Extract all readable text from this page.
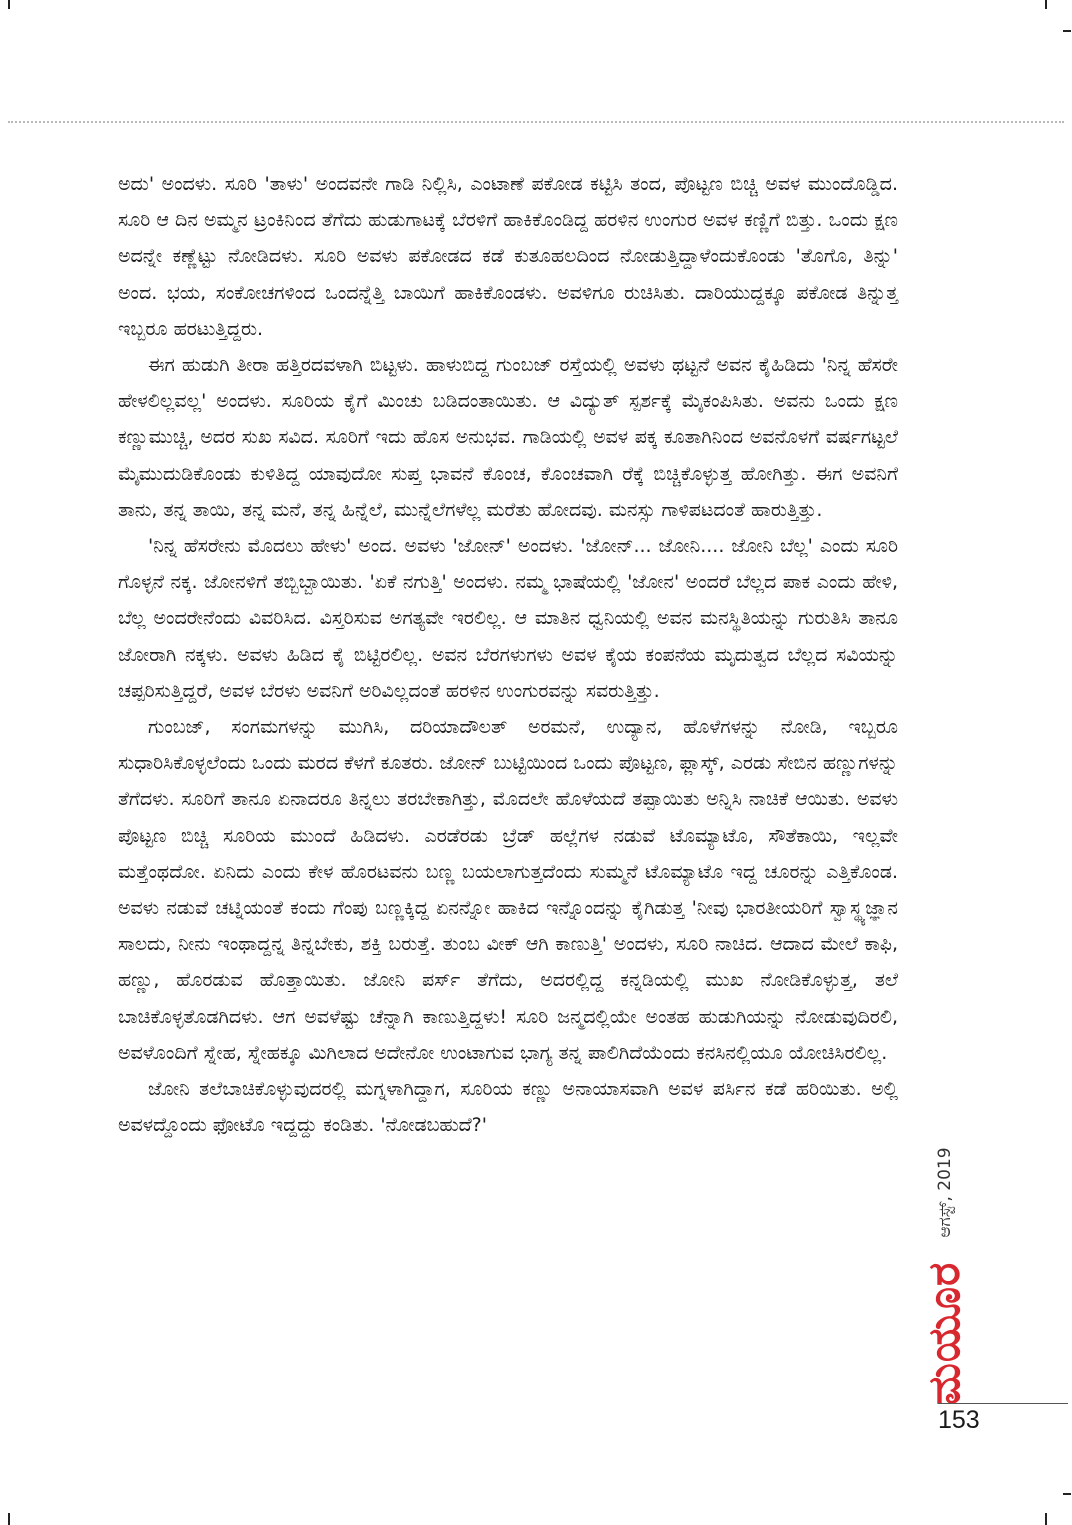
ಅದು' ಅಂದಳು. ಸೂರಿ 'ತಾಳು' ಅಂದವನೇ ಗಾಡಿ ನಿಲ್ಲಿಸಿ, ಎಂಟಾಣೆ ಪಕೋಡ ಕಟ್ಟಿಸಿ ತಂದ, ಪೊಟ್ಟಣ ಬಿಚ್ಚಿ ಅವಳ ಮುಂದೊಡ್ಡಿದ. ಸೂರಿ ಆ ದಿನ ಅಮ್ಮನ ಟ್ರಂಕಿನಿಂದ ತೆಗೆದು ಹುಡುಗಾಟಕ್ಕೆ ಬೆರಳಿಗೆ ಹಾಕಿಕೊಂಡಿದ್ದ ಹರಳಿನ ಉಂಗುರ ಅವಳ ಕಣ್ಣಿಗೆ ಬಿತ್ತು. ಒಂದು ಕ್ಷಣ ಅದನ್ನೇ ಕಣ್ಣೆಟ್ಟು ನೋಡಿದಳು. ಸೂರಿ ಅವಳು ಪಕೋಡದ ಕಡೆ ಕುತೂಹಲದಿಂದ ನೋಡುತ್ತಿದ್ದಾಳೆಂದುಕೊಂಡು 'ತೊಗೊ, ತಿನ್ನು' ಅಂದ. ಭಯ, ಸಂಕೋಚಗಳಿಂದ ಒಂದನ್ನೆತ್ತಿ ಬಾಯಿಗೆ ಹಾಕಿಕೊಂಡಳು. ಅವಳಿಗೂ ರುಚಿಸಿತು. ದಾರಿಯುದ್ದಕ್ಕೂ ಪಕೋಡ ತಿನ್ನುತ್ತ ಇಬ್ಬರೂ ಹರಟುತ್ತಿದ್ದರು.

ಈಗ ಹುಡುಗಿ ತೀರಾ ಹತ್ತಿರದವಳಾಗಿ ಬಿಟ್ಟಳು. ಹಾಳುಬಿದ್ದ ಗುಂಬಜ್ ರಸ್ತೆಯಲ್ಲಿ ಅವಳು ಥಟ್ಟನೆ ಅವನ ಕೈಹಿಡಿದು 'ನಿನ್ನ ಹೆಸರೇ ಹೇಳಲಿಲ್ಲವಲ್ಲ' ಅಂದಳು. ಸೂರಿಯ ಕೈಗೆ ಮಿಂಚು ಬಡಿದಂತಾಯಿತು. ಆ ವಿದ್ಯುತ್ ಸ್ಪರ್ಶಕ್ಕೆ ಮೈಕಂಪಿಸಿತು. ಅವನು ಒಂದು ಕ್ಷಣ ಕಣ್ಣುಮುಚ್ಚಿ, ಅದರ ಸುಖ ಸವಿದ. ಸೂರಿಗೆ ಇದು ಹೊಸ ಅನುಭವ. ಗಾಡಿಯಲ್ಲಿ ಅವಳ ಪಕ್ಕ ಕೂತಾಗಿನಿಂದ ಅವನೊಳಗೆ ವರ್ಷಗಟ್ಟಲೆ ಮೈಮುದುಡಿಕೊಂಡು ಕುಳಿತಿದ್ದ ಯಾವುದೋ ಸುಪ್ತ ಭಾವನೆ ಕೊಂಚ, ಕೊಂಚವಾಗಿ ರೆಕ್ಕೆ ಬಿಚ್ಚಿಕೊಳ್ಳುತ್ತ ಹೋಗಿತ್ತು. ಈಗ ಅವನಿಗೆ ತಾನು, ತನ್ನ ತಾಯಿ, ತನ್ನ ಮನೆ, ತನ್ನ ಹಿನ್ನೆಲೆ, ಮುನ್ನೆಲೆಗಳೆಲ್ಲ ಮರೆತು ಹೋದವು. ಮನಸ್ಸು ಗಾಳಿಪಟದಂತೆ ಹಾರುತ್ತಿತ್ತು.

'ನಿನ್ನ ಹೆಸರೇನು ಮೊದಲು ಹೇಳು' ಅಂದ. ಅವಳು 'ಜೋನ್' ಅಂದಳು. 'ಜೋನ್... ಜೋನಿ.... ಜೋನಿ ಬೆಲ್ಲ' ಎಂದು ಸೂರಿ ಗೊಳ್ಳನೆ ನಕ್ಕ. ಜೋನಳಿಗೆ ತಬ್ಬಿಬ್ಬಾಯಿತು. 'ಏಕೆ ನಗುತ್ತಿ' ಅಂದಳು. ನಮ್ಮ ಭಾಷೆಯಲ್ಲಿ 'ಜೋನ' ಅಂದರೆ ಬೆಲ್ಲದ ಪಾಕ ಎಂದು ಹೇಳಿ, ಬೆಲ್ಲ ಅಂದರೇನೆಂದು ವಿವರಿಸಿದ. ವಿಸ್ತರಿಸುವ ಅಗತ್ಯವೇ ಇರಲಿಲ್ಲ. ಆ ಮಾತಿನ ಧ್ವನಿಯಲ್ಲಿ ಅವನ ಮನಸ್ಥಿತಿಯನ್ನು ಗುರುತಿಸಿ ತಾನೂ ಜೋರಾಗಿ ನಕ್ಕಳು. ಅವಳು ಹಿಡಿದ ಕೈ ಬಿಟ್ಟಿರಲಿಲ್ಲ. ಅವನ ಬೆರಗಳುಗಳು ಅವಳ ಕೈಯ ಕಂಪನೆಯ ಮೃದುತ್ವದ ಬೆಲ್ಲದ ಸವಿಯನ್ನು ಚಪ್ಪರಿಸುತ್ತಿದ್ದರೆ, ಅವಳ ಬೆರಳು ಅವನಿಗೆ ಅರಿವಿಲ್ಲದಂತೆ ಹರಳಿನ ಉಂಗುರವನ್ನು ಸವರುತ್ತಿತ್ತು.

ಗುಂಬಜ್, ಸಂಗಮಗಳನ್ನು ಮುಗಿಸಿ, ದರಿಯಾದೌಲತ್ ಅರಮನೆ, ಉದ್ಯಾನ, ಹೊಳೆಗಳನ್ನು ನೋಡಿ, ಇಬ್ಬರೂ ಸುಧಾರಿಸಿಕೊಳ್ಳಲೆಂದು ಒಂದು ಮರದ ಕೆಳಗೆ ಕೂತರು. ಜೋನ್ ಬುಟ್ಟಿಯಿಂದ ಒಂದು ಪೊಟ್ಟಣ, ಫ್ಲಾಸ್ಕ್, ಎರಡು ಸೇಬಿನ ಹಣ್ಣುಗಳನ್ನು ತೆಗೆದಳು. ಸೂರಿಗೆ ತಾನೂ ಏನಾದರೂ ತಿನ್ನಲು ತರಬೇಕಾಗಿತ್ತು, ಮೊದಲೇ ಹೊಳೆಯದೆ ತಪ್ಪಾಯಿತು ಅನ್ನಿಸಿ ನಾಚಿಕೆ ಆಯಿತು. ಅವಳು ಪೊಟ್ಟಣ ಬಿಚ್ಚಿ ಸೂರಿಯ ಮುಂದೆ ಹಿಡಿದಳು. ಎರಡೆರಡು ಬ್ರೆಡ್ ಹಲ್ಲೆಗಳ ನಡುವೆ ಟೊಮ್ಯಾಟೊ, ಸೌತೆಕಾಯಿ, ಇಲ್ಲವೇ ಮತ್ತೆಂಥದೋ. ಏನಿದು ಎಂದು ಕೇಳ ಹೊರಟವನು ಬಣ್ಣ ಬಯಲಾಗುತ್ತದೆಂದು ಸುಮ್ಮನೆ ಟೊಮ್ಯಾಟೊ ಇದ್ದ ಚೂರನ್ನು ಎತ್ತಿಕೊಂಡ. ಅವಳು ನಡುವೆ ಚಟ್ನಿಯಂತೆ ಕಂದು ಗೆಂಪು ಬಣ್ಣಕ್ಕಿದ್ದ ಏನನ್ನೋ ಹಾಕಿದ ಇನ್ನೊಂದನ್ನು ಕೈಗಿಡುತ್ತ 'ನೀವು ಭಾರತೀಯರಿಗೆ ಸ್ವಾಸ್ಥ್ಯಜ್ಞಾನ ಸಾಲದು, ನೀನು ಇಂಥಾದ್ದನ್ನ ತಿನ್ನಬೇಕು, ಶಕ್ತಿ ಬರುತ್ತೆ. ತುಂಬ ವೀಕ್ ಆಗಿ ಕಾಣುತ್ತಿ' ಅಂದಳು, ಸೂರಿ ನಾಚಿದ. ಆದಾದ ಮೇಲೆ ಕಾಫಿ, ಹಣ್ಣು, ಹೊರಡುವ ಹೊತ್ತಾಯಿತು. ಜೋನಿ ಪರ್ಸ್ ತೆಗೆದು, ಅದರಲ್ಲಿದ್ದ ಕನ್ನಡಿಯಲ್ಲಿ ಮುಖ ನೋಡಿಕೊಳ್ಳುತ್ತ, ತಲೆ ಬಾಚಿಕೊಳ್ಳತೊಡಗಿದಳು. ಆಗ ಅವಳೆಷ್ಟು ಚೆನ್ನಾಗಿ ಕಾಣುತ್ತಿದ್ದಳು! ಸೂರಿ ಜನ್ಮದಲ್ಲಿಯೇ ಅಂತಹ ಹುಡುಗಿಯನ್ನು ನೋಡುವುದಿರಲಿ, ಅವಳೊಂದಿಗೆ ಸ್ನೇಹ, ಸ್ನೇಹಕ್ಕೂ ಮಿಗಿಲಾದ ಅದೇನೋ ಉಂಟಾಗುವ ಭಾಗ್ಯ ತನ್ನ ಪಾಲಿಗಿದೆಯೆಂದು ಕನಸಿನಲ್ಲಿಯೂ ಯೋಚಿಸಿರಲಿಲ್ಲ.

ಜೋನಿ ತಲೆಬಾಚಿಕೊಳ್ಳುವುದರಲ್ಲಿ ಮಗ್ನಳಾಗಿದ್ದಾಗ, ಸೂರಿಯ ಕಣ್ಣು ಅನಾಯಾಸವಾಗಿ ಅವಳ ಪರ್ಸಿನ ಕಡೆ ಹರಿಯಿತು. ಅಲ್ಲಿ ಅವಳದ್ದೊಂದು ಫೋಟೊ ಇದ್ದದ್ದು ಕಂಡಿತು. 'ನೋಡಬಹುದೆ?'

ಮಯೂರ
ಆಗಸ್ಟ್, 2019
153
